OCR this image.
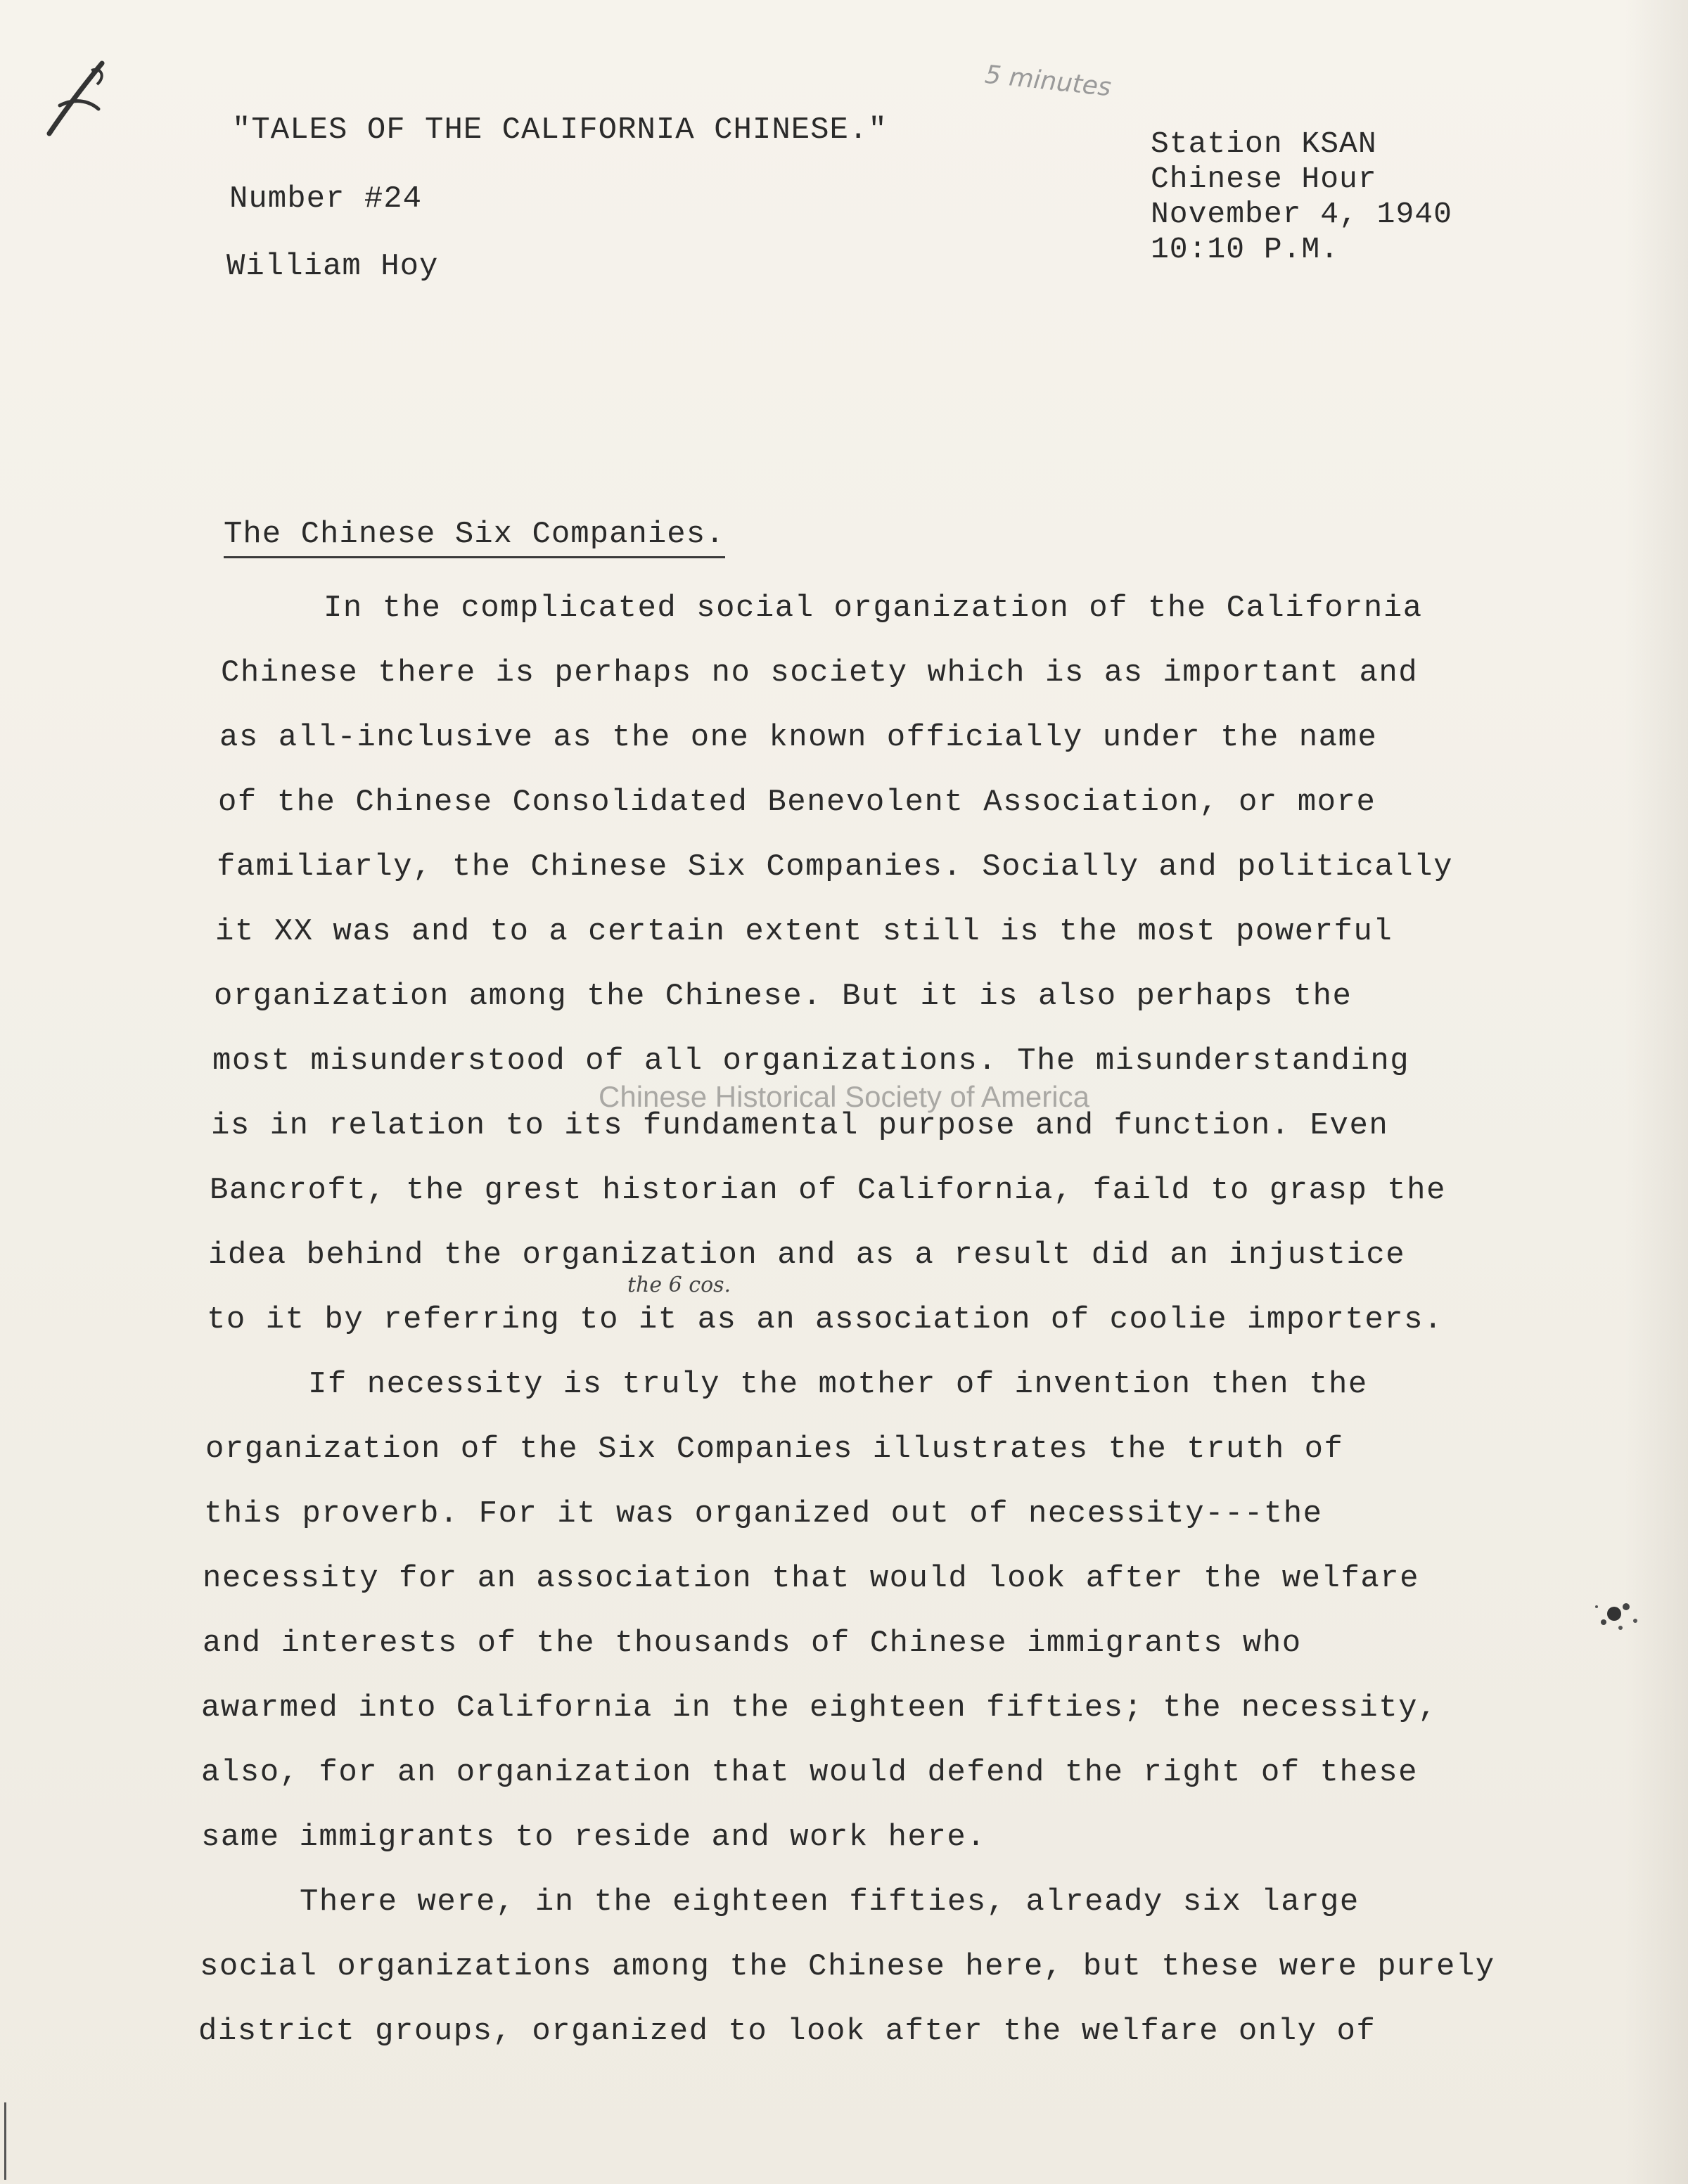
5 minutes
"TALES OF THE CALIFORNIA CHINESE."
Number #24
William Hoy
Station KSAN
Chinese Hour
November 4, 1940
10:10 P.M.
The Chinese Six Companies.
In the complicated social organization of the California
Chinese there is perhaps no society which is as important and
as all-inclusive as the one known officially under the name
of the Chinese Consolidated Benevolent Association, or more
familiarly, the Chinese Six Companies. Socially and politically
it XX was and to a certain extent still is the most powerful
organization among the Chinese. But it is also perhaps the
most misunderstood of all organizations. The misunderstanding
is in relation to its fundamental purpose and function. Even
Bancroft, the grest historian of California, faild to grasp the
idea behind the organization and as a result did an injustice
to it by referring to it as an association of coolie importers.
If necessity is truly the mother of invention then the
organization of the Six Companies illustrates the truth of
this proverb. For it was organized out of necessity---the
necessity for an association that would look after the welfare
and interests of the thousands of Chinese immigrants who
awarmed into California in the eighteen fifties; the necessity,
also, for an organization that would defend the right of these
same immigrants to reside and work here.
There were, in the eighteen fifties, already six large
social organizations among the Chinese here, but these were purely
district groups, organized to look after the welfare only of
the 6 cos.
Chinese Historical Society of America
